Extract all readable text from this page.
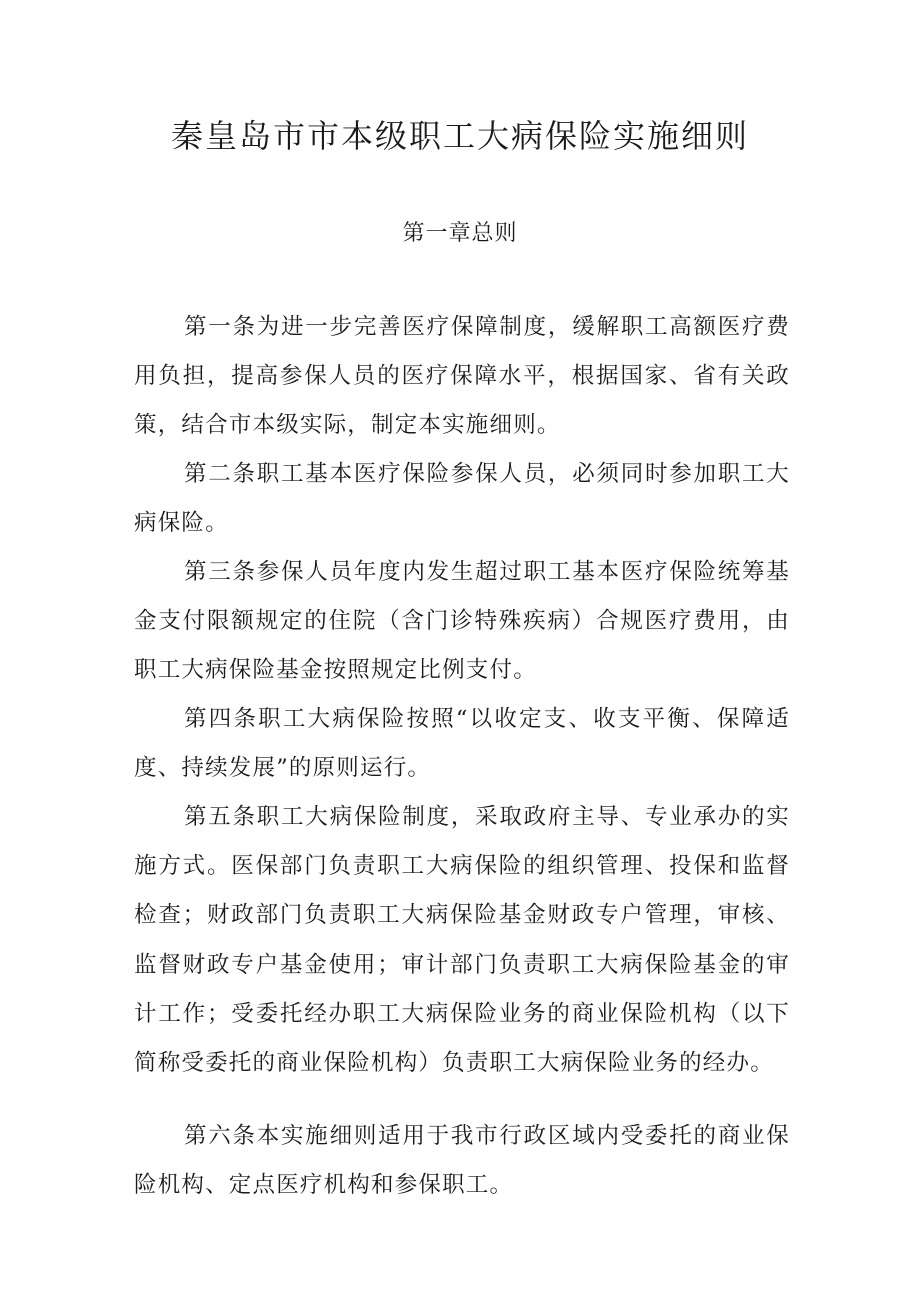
秦皇岛市市本级职工大病保险实施细则
第一章总则

第一条为进一步完善医疗保障制度，缓解职工高额医疗费用负担，提高参保人员的医疗保障水平，根据国家、省有关政策，结合市本级实际，制定本实施细则。

第二条职工基本医疗保险参保人员，必须同时参加职工大病保险。

第三条参保人员年度内发生超过职工基本医疗保险统筹基金支付限额规定的住院（含门诊特殊疾病）合规医疗费用，由职工大病保险基金按照规定比例支付。

第四条职工大病保险按照“以收定支、收支平衡、保障适度、持续发展”的原则运行。

第五条职工大病保险制度，采取政府主导、专业承办的实施方式。医保部门负责职工大病保险的组织管理、投保和监督检查；财政部门负责职工大病保险基金财政专户管理，审核、监督财政专户基金使用；审计部门负责职工大病保险基金的审计工作；受委托经办职工大病保险业务的商业保险机构（以下简称受委托的商业保险机构）负责职工大病保险业务的经办。

第六条本实施细则适用于我市行政区域内受委托的商业保险机构、定点医疗机构和参保职工。
